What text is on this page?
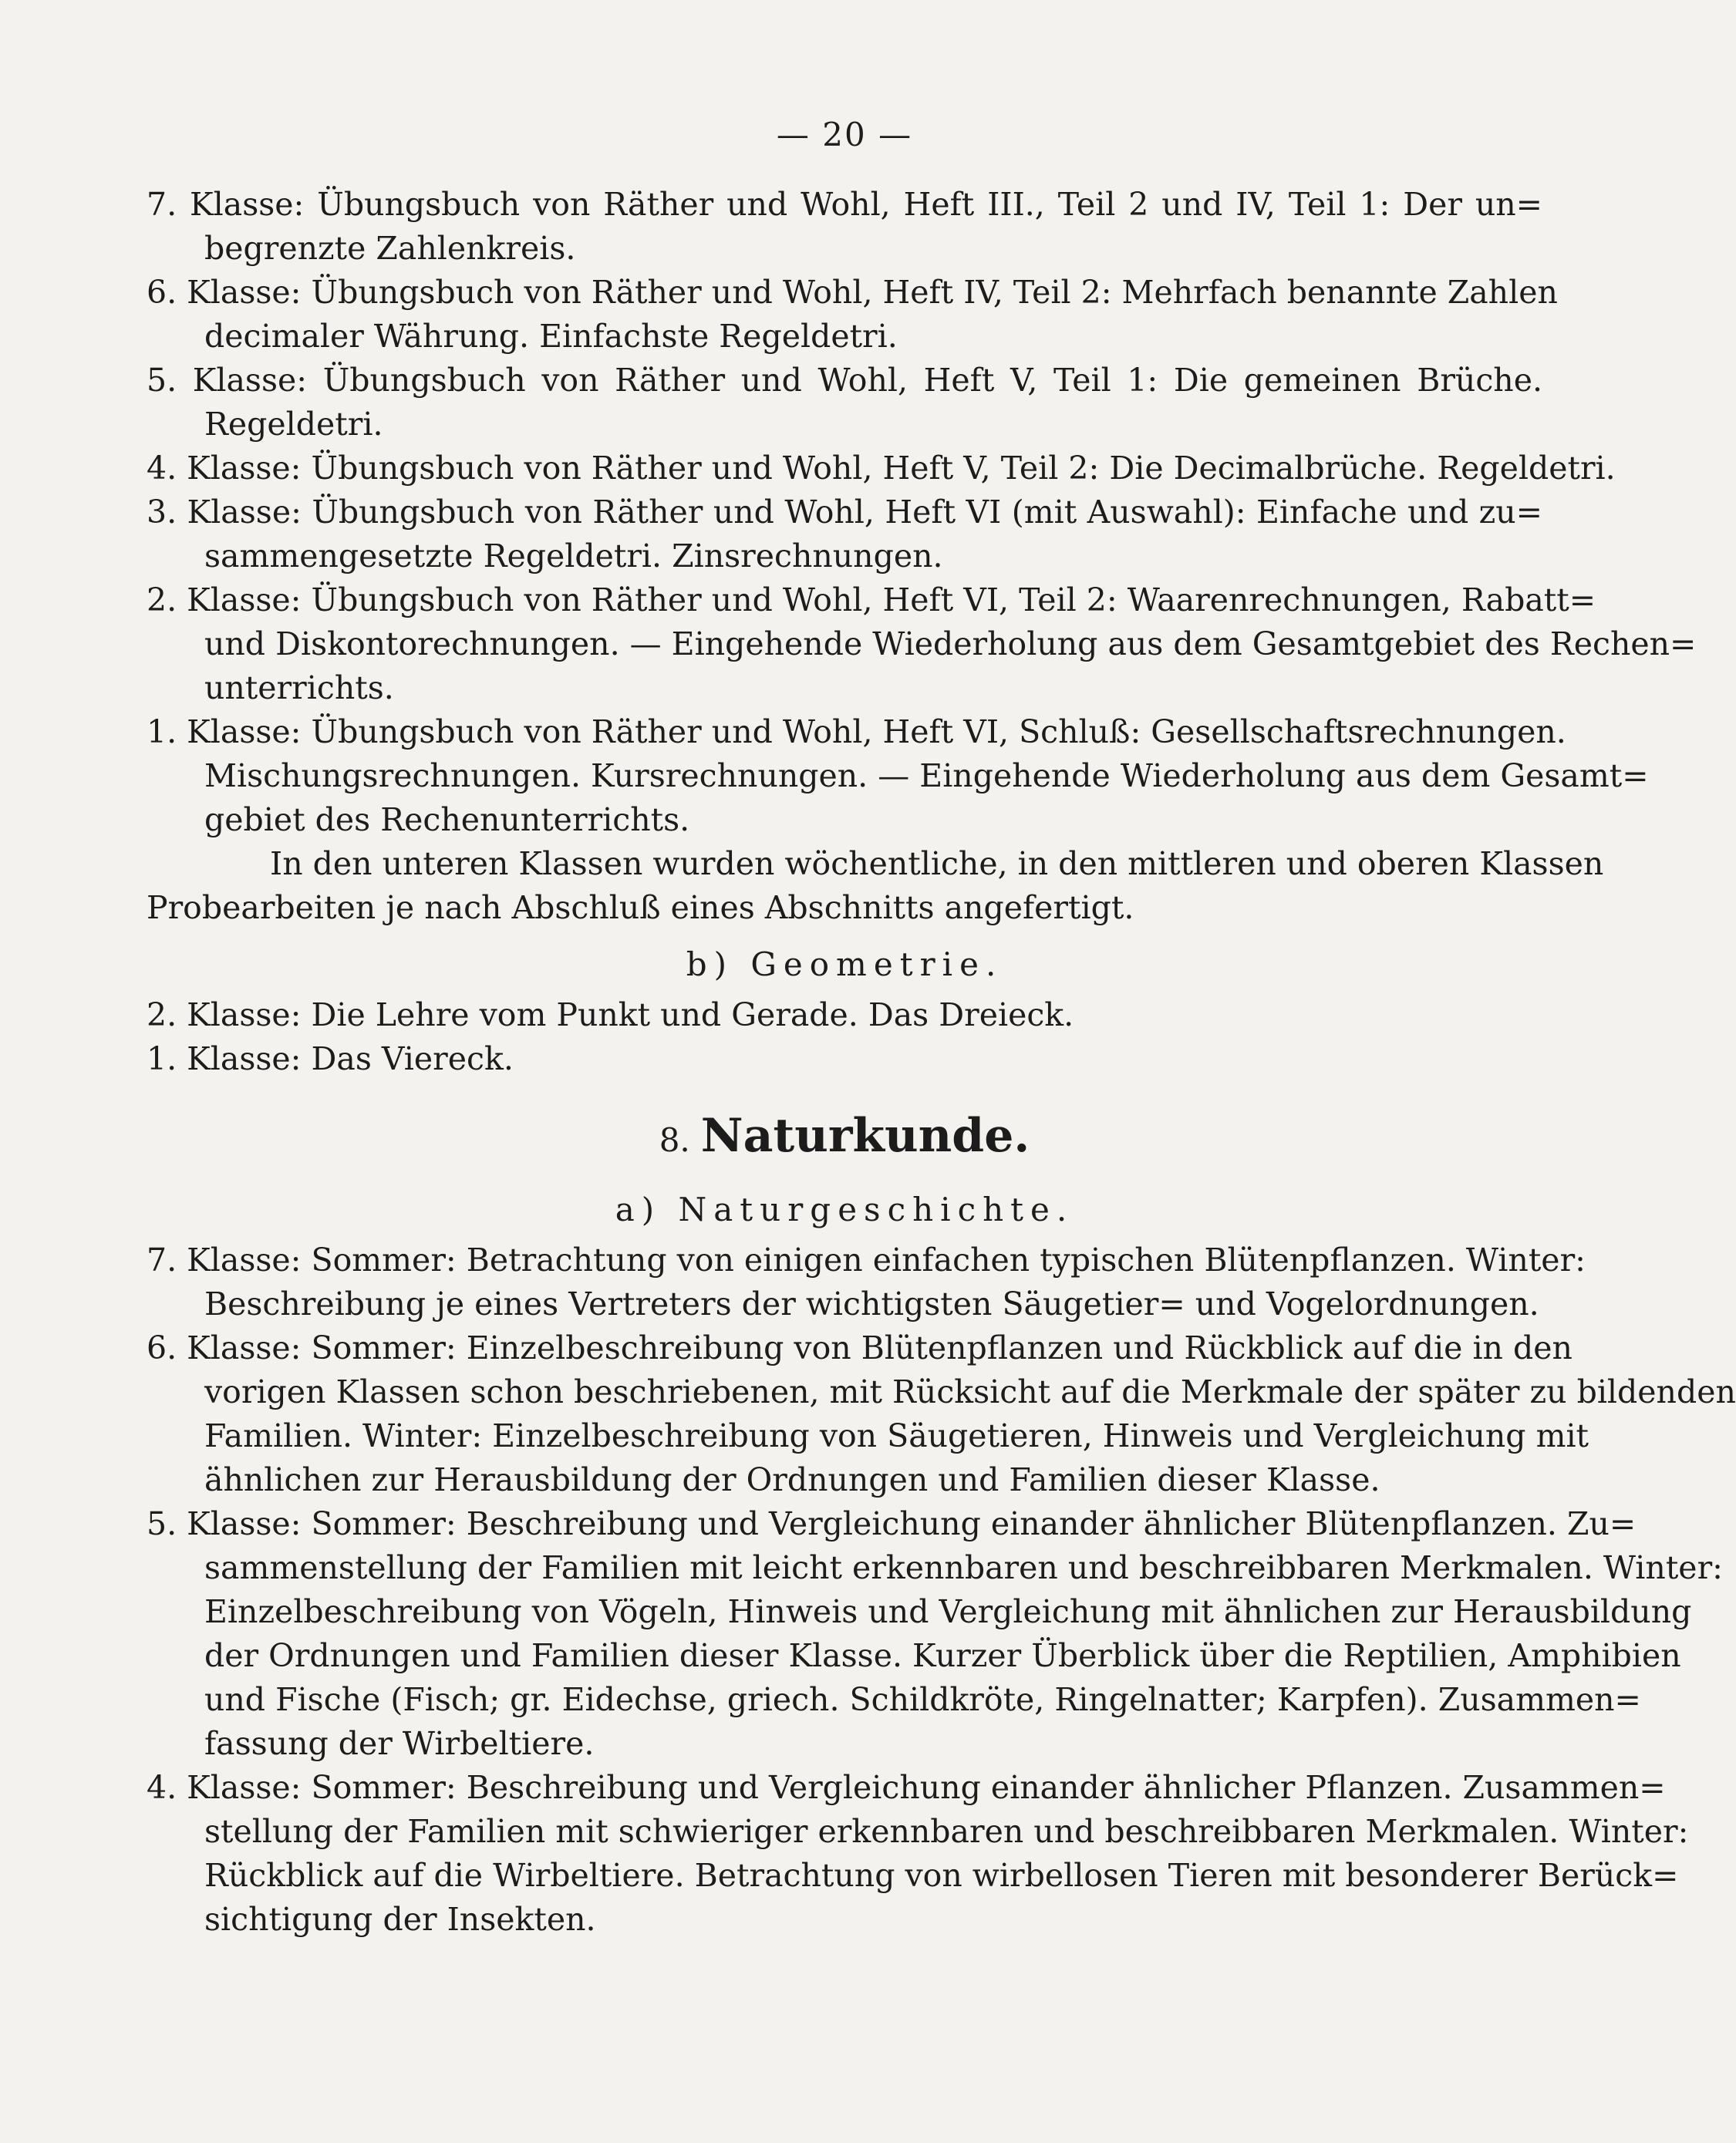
— 20 —
7. Klasse: Übungsbuch von Räther und Wohl, Heft III., Teil 2 und IV, Teil 1: Der un=
begrenzte Zahlenkreis.
6. Klasse: Übungsbuch von Räther und Wohl, Heft IV, Teil 2: Mehrfach benannte Zahlen
decimaler Währung. Einfachste Regeldetri.
5. Klasse: Übungsbuch von Räther und Wohl, Heft V, Teil 1: Die gemeinen Brüche.
Regeldetri.
4. Klasse: Übungsbuch von Räther und Wohl, Heft V, Teil 2: Die Decimalbrüche. Regeldetri.
3. Klasse: Übungsbuch von Räther und Wohl, Heft VI (mit Auswahl): Einfache und zu=
sammengesetzte Regeldetri. Zinsrechnungen.
2. Klasse: Übungsbuch von Räther und Wohl, Heft VI, Teil 2: Waarenrechnungen, Rabatt=
und Diskontorechnungen. — Eingehende Wiederholung aus dem Gesamtgebiet des Rechen=
unterrichts.
1. Klasse: Übungsbuch von Räther und Wohl, Heft VI, Schluß: Gesellschaftsrechnungen.
Mischungsrechnungen. Kursrechnungen. — Eingehende Wiederholung aus dem Gesamt=
gebiet des Rechenunterrichts.
In den unteren Klassen wurden wöchentliche, in den mittleren und oberen Klassen
Probearbeiten je nach Abschluß eines Abschnitts angefertigt.
b) Geometrie.
2. Klasse: Die Lehre vom Punkt und Gerade. Das Dreieck.
1. Klasse: Das Viereck.
8. Naturkunde.
a) Naturgeschichte.
7. Klasse: Sommer: Betrachtung von einigen einfachen typischen Blütenpflanzen. Winter:
Beschreibung je eines Vertreters der wichtigsten Säugetier= und Vogelordnungen.
6. Klasse: Sommer: Einzelbeschreibung von Blütenpflanzen und Rückblick auf die in den
vorigen Klassen schon beschriebenen, mit Rücksicht auf die Merkmale der später zu bildenden
Familien. Winter: Einzelbeschreibung von Säugetieren, Hinweis und Vergleichung mit
ähnlichen zur Herausbildung der Ordnungen und Familien dieser Klasse.
5. Klasse: Sommer: Beschreibung und Vergleichung einander ähnlicher Blütenpflanzen. Zu=
sammenstellung der Familien mit leicht erkennbaren und beschreibbaren Merkmalen. Winter:
Einzelbeschreibung von Vögeln, Hinweis und Vergleichung mit ähnlichen zur Herausbildung
der Ordnungen und Familien dieser Klasse. Kurzer Überblick über die Reptilien, Amphibien
und Fische (Fisch; gr. Eidechse, griech. Schildkröte, Ringelnatter; Karpfen). Zusammen=
fassung der Wirbeltiere.
4. Klasse: Sommer: Beschreibung und Vergleichung einander ähnlicher Pflanzen. Zusammen=
stellung der Familien mit schwieriger erkennbaren und beschreibbaren Merkmalen. Winter:
Rückblick auf die Wirbeltiere. Betrachtung von wirbellosen Tieren mit besonderer Berück=
sichtigung der Insekten.
